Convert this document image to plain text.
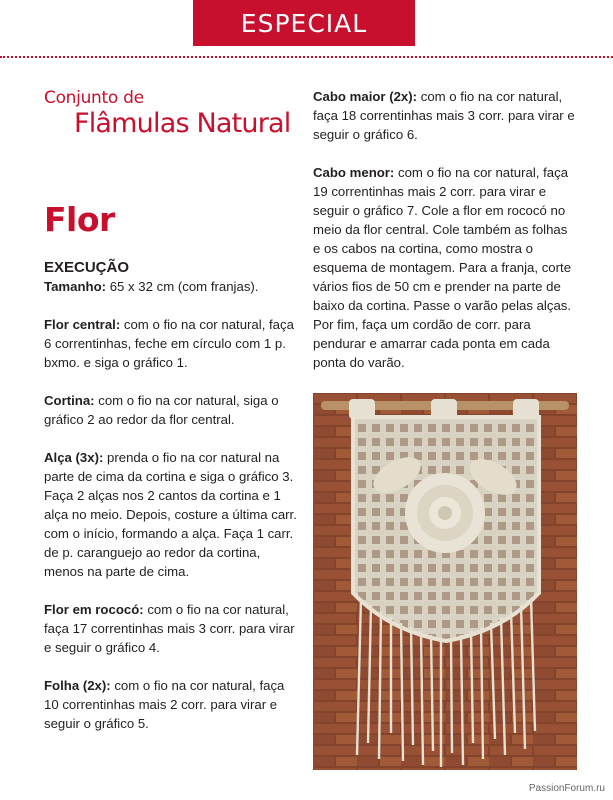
ESPECIAL
Conjunto de
Flâmulas Natural
Flor
EXECUÇÃO

Tamanho: 65 x 32 cm (com franjas).

Flor central: com o fio na cor natural, faça 6 correntinhas, feche em círculo com 1 p. bxmo. e siga o gráfico 1.

Cortina: com o fio na cor natural, siga o gráfico 2 ao redor da flor central.

Alça (3x): prenda o fio na cor natural na parte de cima da cortina e siga o gráfico 3. Faça 2 alças nos 2 cantos da cortina e 1 alça no meio. Depois, costure a última carr. com o início, formando a alça. Faça 1 carr. de p. caranguejo ao redor da cortina, menos na parte de cima.

Flor em rococó: com o fio na cor natural, faça 17 correntinhas mais 3 corr. para virar e seguir o gráfico 4.

Folha (2x): com o fio na cor natural, faça 10 correntinhas mais 2 corr. para virar e seguir o gráfico 5.

Cabo maior (2x): com o fio na cor natural, faça 18 correntinhas mais 3 corr. para virar e seguir o gráfico 6.

Cabo menor: com o fio na cor natural, faça 19 correntinhas mais 2 corr. para virar e seguir o gráfico 7. Cole a flor em rococó no meio da flor central. Cole também as folhas e os cabos na cortina, como mostra o esquema de montagem. Para a franja, corte vários fios de 50 cm e prender na parte de baixo da cortina. Passe o varão pelas alças. Por fim, faça um cordão de corr. para pendurar e amarrar cada ponta em cada ponta do varão.

PassionForum.ru
